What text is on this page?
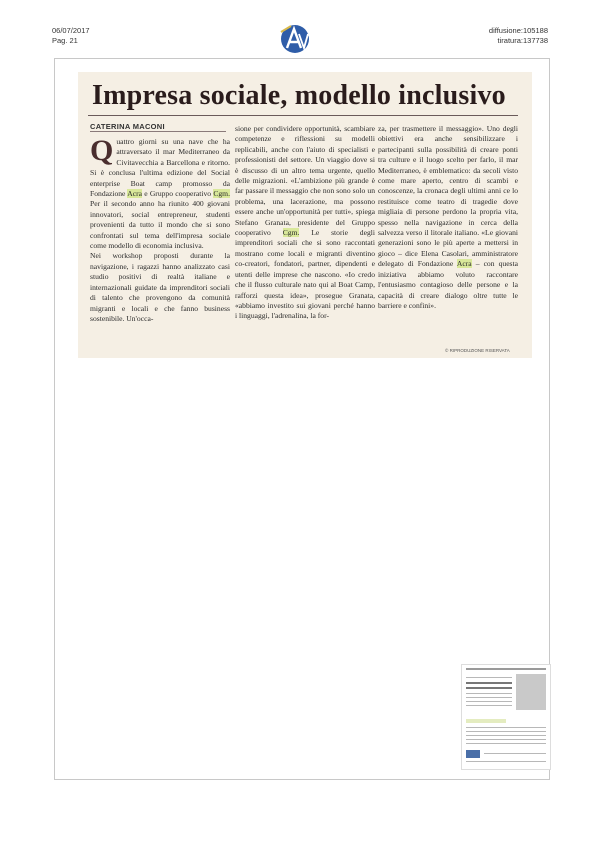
06/07/2017
Pag. 21
diffusione:105188
tiratura:137738
Impresa sociale, modello inclusivo
CATERINA MACONI

Quattro giorni su una nave che ha attraversato il mar Mediterraneo da Civitavecchia a Barcellona e ritorno. Si è conclusa l'ultima edizione del Social enterprise Boat camp promosso da Fondazione Acra e Gruppo cooperativo Cgm. Per il secondo anno ha riunito 400 giovani innovatori, social entrepreneur, studenti provenienti da tutto il mondo che si sono confrontati sul tema dell'impresa sociale come modello di economia inclusiva.

Nei workshop proposti durante la navigazione, i ragazzi hanno analizzato casi studio positivi di realtà italiane e internazionali guidate da imprenditori sociali di talento che provengono da comunità migranti e locali e che fanno business sostenibile. Un'occa-

sione per condividere opportunità, scambiare competenze e riflessioni su modelli replicabili, anche con l'aiuto di specialisti e professionisti del settore. Un viaggio dove si è discusso di un altro tema urgente, quello delle migrazioni. «L'ambizione più grande è far passare il messaggio che non sono solo un problema, una lacerazione, ma possono essere anche un'opportunità per tutti», spiega Stefano Granata, presidente del Gruppo cooperativo Cgm. Le storie degli imprenditori sociali che si sono raccontati mostrano come locali e migranti diventino co-creatori, fondatori, partner, dipendenti e utenti delle imprese che nascono. «Io credo che il flusso culturale nato qui al Boat Camp, rafforzi questa idea», prosegue Granata, «abbiamo investito sui giovani perché hanno i linguaggi, l'adrenalina, la for-

za, per trasmettere il messaggio». Uno degli obiettivi era anche sensibilizzare i partecipanti sulla possibilità di creare ponti tra culture e il luogo scelto per farlo, il mar Mediterraneo, è emblematico: da secoli visto come mare aperto, centro di scambi e conoscenze, la cronaca degli ultimi anni ce lo restituisce come teatro di tragedie dove migliaia di persone perdono la propria vita, spesso nella navigazione in cerca della salvezza verso il litorale italiano. «Le giovani generazioni sono le più aperte a mettersi in gioco – dice Elena Casolari, amministratore delegato di Fondazione Acra – con questa iniziativa abbiamo voluto raccontare l'entusiasmo contagioso delle persone e la capacità di creare dialogo oltre tutte le barriere e confini».

© RIPRODUZIONE RISERVATA
